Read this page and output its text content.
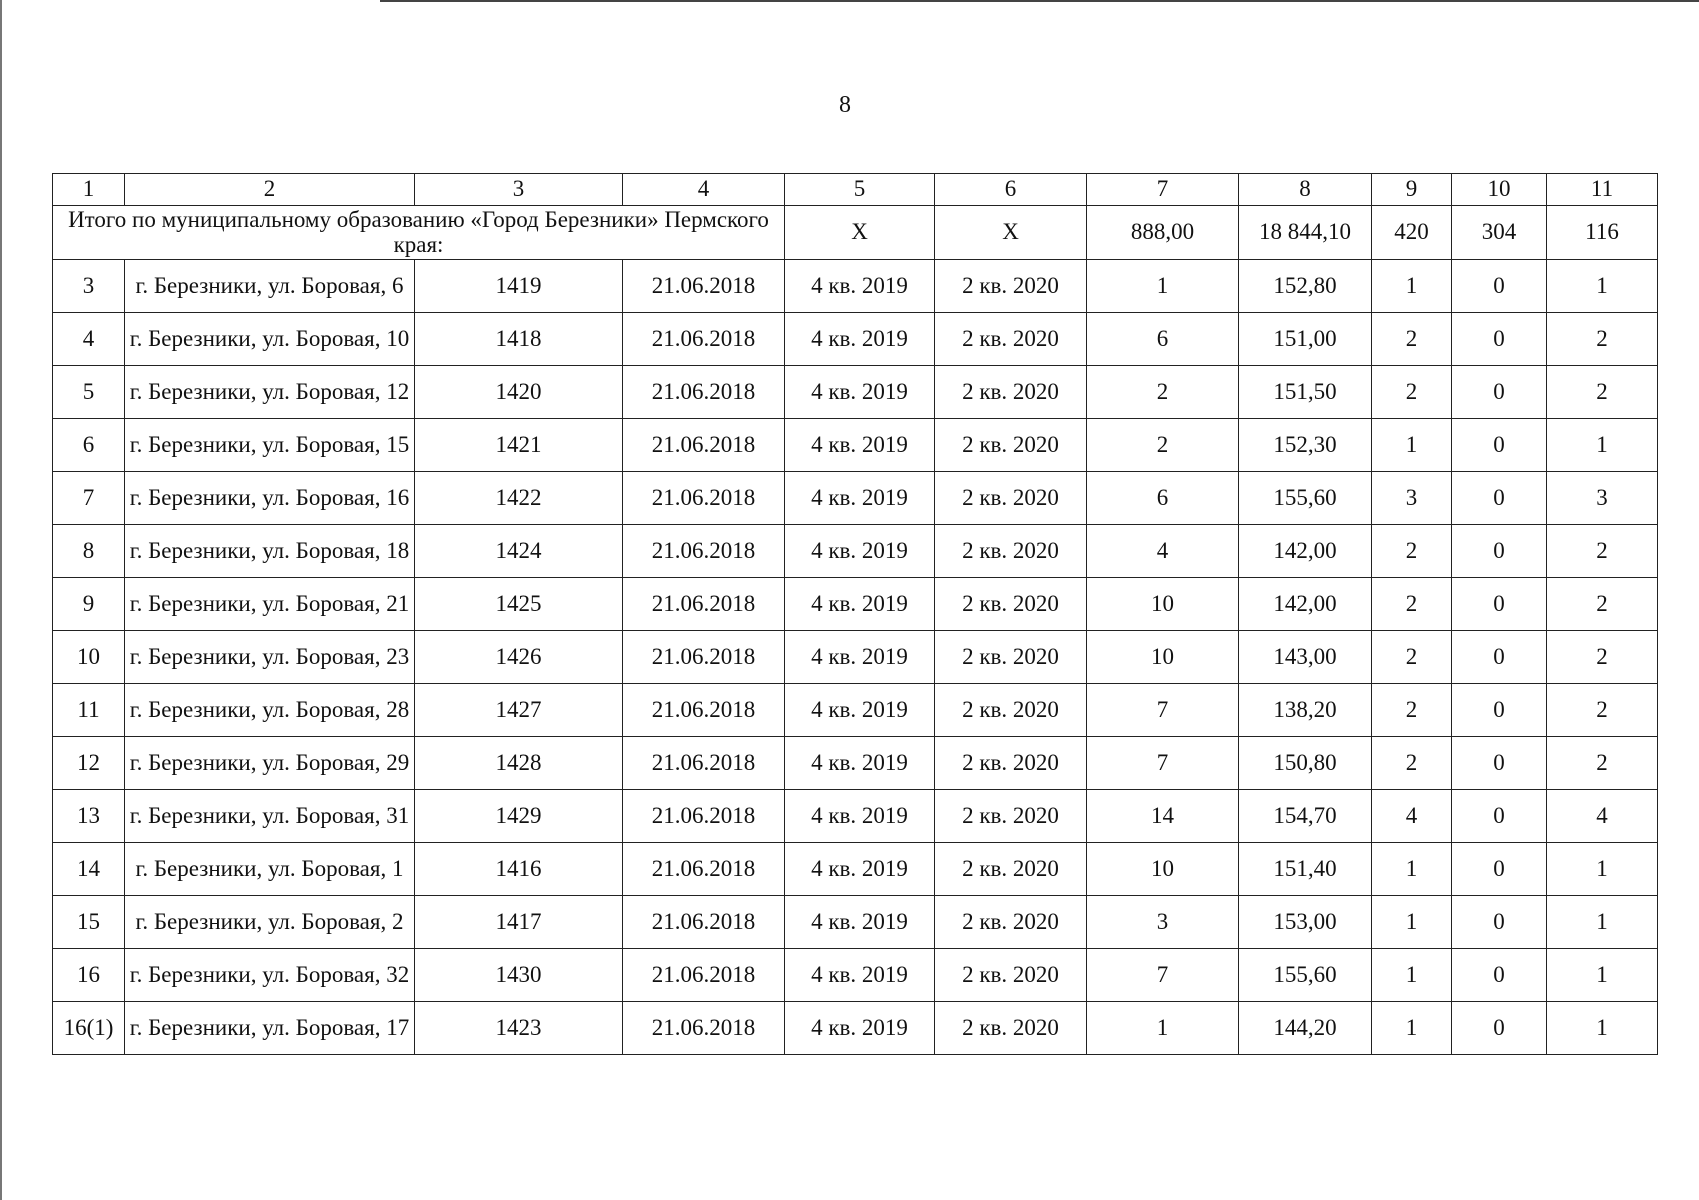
8
1	2	3	4	5	6	7	8	9	10	11
Итого по муниципальному образованию «Город Березники» Пермского края:				Х	Х	888,00	18 844,10	420	304	116
3	г. Березники, ул. Боровая, 6	1419	21.06.2018	4 кв. 2019	2 кв. 2020	1	152,80	1	0	1
4	г. Березники, ул. Боровая, 10	1418	21.06.2018	4 кв. 2019	2 кв. 2020	6	151,00	2	0	2
5	г. Березники, ул. Боровая, 12	1420	21.06.2018	4 кв. 2019	2 кв. 2020	2	151,50	2	0	2
6	г. Березники, ул. Боровая, 15	1421	21.06.2018	4 кв. 2019	2 кв. 2020	2	152,30	1	0	1
7	г. Березники, ул. Боровая, 16	1422	21.06.2018	4 кв. 2019	2 кв. 2020	6	155,60	3	0	3
8	г. Березники, ул. Боровая, 18	1424	21.06.2018	4 кв. 2019	2 кв. 2020	4	142,00	2	0	2
9	г. Березники, ул. Боровая, 21	1425	21.06.2018	4 кв. 2019	2 кв. 2020	10	142,00	2	0	2
10	г. Березники, ул. Боровая, 23	1426	21.06.2018	4 кв. 2019	2 кв. 2020	10	143,00	2	0	2
11	г. Березники, ул. Боровая, 28	1427	21.06.2018	4 кв. 2019	2 кв. 2020	7	138,20	2	0	2
12	г. Березники, ул. Боровая, 29	1428	21.06.2018	4 кв. 2019	2 кв. 2020	7	150,80	2	0	2
13	г. Березники, ул. Боровая, 31	1429	21.06.2018	4 кв. 2019	2 кв. 2020	14	154,70	4	0	4
14	г. Березники, ул. Боровая, 1	1416	21.06.2018	4 кв. 2019	2 кв. 2020	10	151,40	1	0	1
15	г. Березники, ул. Боровая, 2	1417	21.06.2018	4 кв. 2019	2 кв. 2020	3	153,00	1	0	1
16	г. Березники, ул. Боровая, 32	1430	21.06.2018	4 кв. 2019	2 кв. 2020	7	155,60	1	0	1
16(1)	г. Березники, ул. Боровая, 17	1423	21.06.2018	4 кв. 2019	2 кв. 2020	1	144,20	1	0	1
